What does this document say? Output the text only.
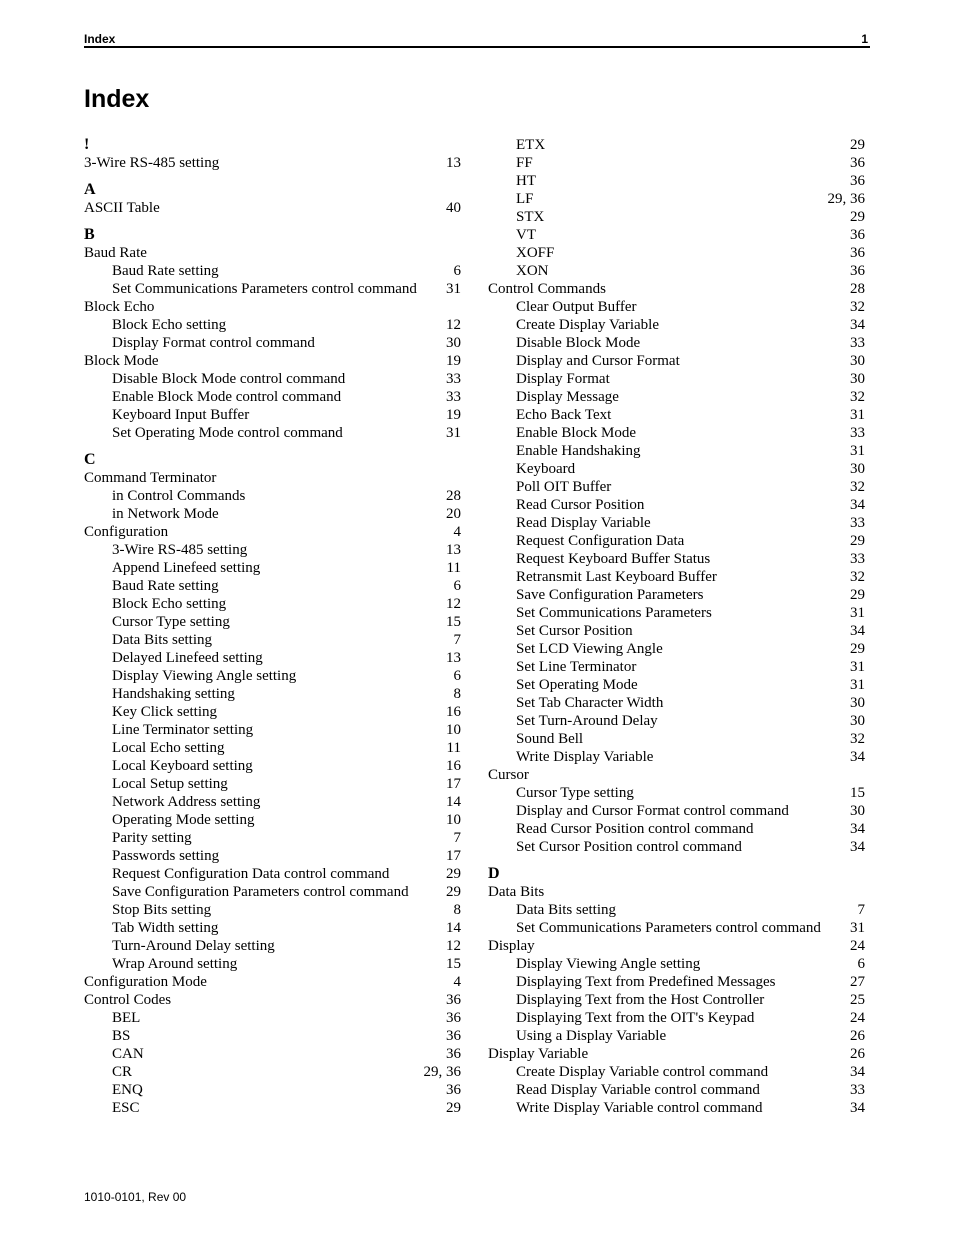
Index	1
Index
!
3-Wire RS-485 setting	13
A
ASCII Table	40
B
Baud Rate
Baud Rate setting	6
Set Communications Parameters control command 31
Block Echo
Block Echo setting	12
Display Format control command	30
Block Mode	19
Disable Block Mode control command	33
Enable Block Mode control command	33
Keyboard Input Buffer	19
Set Operating Mode control command	31
C
Command Terminator
in Control Commands	28
in Network Mode	20
Configuration	4
3-Wire RS-485 setting	13
Append Linefeed setting	11
Baud Rate setting	6
Block Echo setting	12
Cursor Type setting	15
Data Bits setting	7
Delayed Linefeed setting	13
Display Viewing Angle setting	6
Handshaking setting	8
Key Click setting	16
Line Terminator setting	10
Local Echo setting	11
Local Keyboard setting	16
Local Setup setting	17
Network Address setting	14
Operating Mode setting	10
Parity setting	7
Passwords setting	17
Request Configuration Data control command	29
Save Configuration Parameters control command 29
Stop Bits setting	8
Tab Width setting	14
Turn-Around Delay setting	12
Wrap Around setting	15
Configuration Mode	4
Control Codes	36
BEL	36
BS	36
CAN	36
CR	29, 36
ENQ	36
ESC	29
ETX	29
FF	36
HT	36
LF	29, 36
STX	29
VT	36
XOFF	36
XON	36
Control Commands	28
Clear Output Buffer	32
Create Display Variable	34
Disable Block Mode	33
Display and Cursor Format	30
Display Format	30
Display Message	32
Echo Back Text	31
Enable Block Mode	33
Enable Handshaking	31
Keyboard	30
Poll OIT Buffer	32
Read Cursor Position	34
Read Display Variable	33
Request Configuration Data	29
Request Keyboard Buffer Status	33
Retransmit Last Keyboard Buffer	32
Save Configuration Parameters	29
Set Communications Parameters	31
Set Cursor Position	34
Set LCD Viewing Angle	29
Set Line Terminator	31
Set Operating Mode	31
Set Tab Character Width	30
Set Turn-Around Delay	30
Sound Bell	32
Write Display Variable	34
Cursor
Cursor Type setting	15
Display and Cursor Format control command	30
Read Cursor Position control command	34
Set Cursor Position control command	34
D
Data Bits
Data Bits setting	7
Set Communications Parameters control command 31
Display	24
Display Viewing Angle setting	6
Displaying Text from Predefined Messages	27
Displaying Text from the Host Controller	25
Displaying Text from the OIT's Keypad	24
Using a Display Variable	26
Display Variable	26
Create Display Variable control command	34
Read Display Variable control command	33
Write Display Variable control command	34
1010-0101, Rev 00
